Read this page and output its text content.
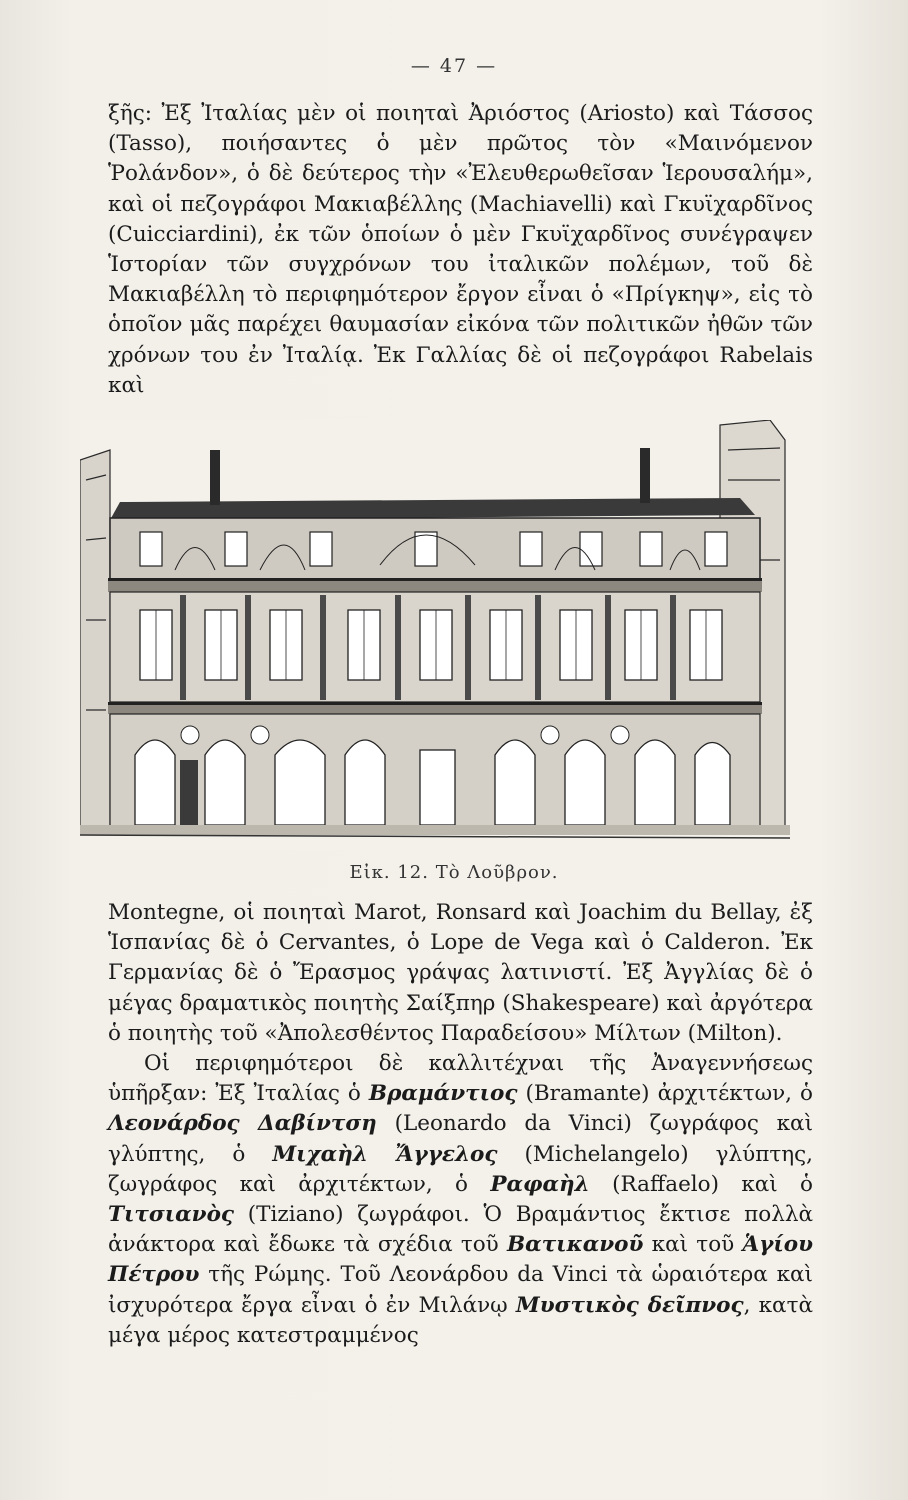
— 47 —

ξῆς: Ἐξ Ἰταλίας μὲν οἱ ποιηταὶ Ἀριόστος (Ariosto) καὶ Τάσσος (Tasso), ποιήσαντες ὁ μὲν πρῶτος τὸν «Μαινόμενον Ῥολάνδον», ὁ δὲ δεύτερος τὴν «Ἐλευθερωθεῖσαν Ἱερουσαλήμ», καὶ οἱ πεζογράφοι Μακιαβέλλης (Machiavelli) καὶ Γκυϊχαρδῖνος (Cuicciardini), ἐκ τῶν ὁποίων ὁ μὲν Γκυϊχαρδῖνος συνέγραψεν Ἱστορίαν τῶν συγχρόνων του ἰταλικῶν πολέμων, τοῦ δὲ Μακιαβέλλη τὸ περιφημότερον ἔργον εἶναι ὁ «Πρίγκηψ», εἰς τὸ ὁποῖον μᾶς παρέχει θαυμασίαν εἰκόνα τῶν πολιτικῶν ἠθῶν τῶν χρόνων του ἐν Ἰταλίᾳ. Ἐκ Γαλλίας δὲ οἱ πεζογράφοι Rabelais καὶ

Εἰκ. 12. Τὸ Λοῦβρον.

Montegne, οἱ ποιηταὶ Marot, Ronsard καὶ Joachim du Bellay, ἐξ Ἱσπανίας δὲ ὁ Cervantes, ὁ Lope de Vega καὶ ὁ Calderon. Ἐκ Γερμανίας δὲ ὁ Ἔρασμος γράψας λατινιστί. Ἐξ Ἀγγλίας δὲ ὁ μέγας δραματικὸς ποιητὴς Σαίξπηρ (Shakespeare) καὶ ἀργότερα ὁ ποιητὴς τοῦ «Ἀπολεσθέντος Παραδείσου» Μίλτων (Milton).

Οἱ περιφημότεροι δὲ καλλιτέχναι τῆς Ἀναγεννήσεως ὑπῆρξαν: Ἐξ Ἰταλίας ὁ Βραμάντιος (Bramante) ἀρχιτέκτων, ὁ Λεονάρδος Δαβίντση (Leonardo da Vinci) ζωγράφος καὶ γλύπτης, ὁ Μιχαὴλ Ἄγγελος (Michelangelo) γλύπτης, ζωγράφος καὶ ἀρχιτέκτων, ὁ Ραφαὴλ (Raffaelo) καὶ ὁ Τιτσιανὸς (Tiziano) ζωγράφοι. Ὁ Βραμάντιος ἔκτισε πολλὰ ἀνάκτορα καὶ ἔδωκε τὰ σχέδια τοῦ Βατικανοῦ καὶ τοῦ Ἁγίου Πέτρου τῆς Ρώμης. Τοῦ Λεονάρδου da Vinci τὰ ὡραιότερα καὶ ἰσχυρότερα ἔργα εἶναι ὁ ἐν Μιλάνῳ Μυστικὸς δεῖπνος, κατὰ μέγα μέρος κατεστραμμένος
